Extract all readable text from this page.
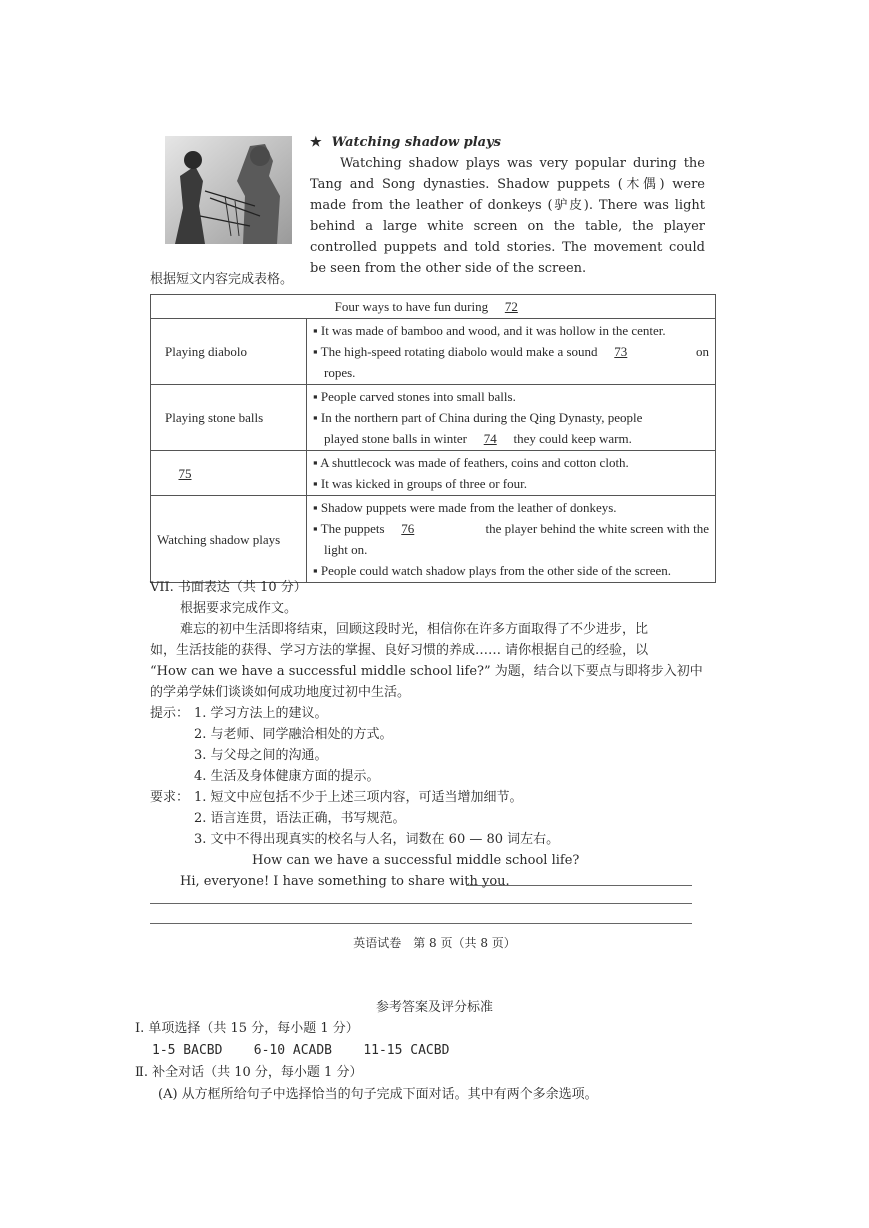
★ Watching shadow plays

Watching shadow plays was very popular during the Tang and Song dynasties. Shadow puppets (木偶) were made from the leather of donkeys (驴皮). There was light behind a large white screen on the table, the player controlled puppets and told stories. The movement could be seen from the other side of the screen.

根据短文内容完成表格。
Four ways to have fun during 72	
Playing diabolo	▪ It was made of bamboo and wood, and it was hollow in the center.
▪ The high-speed rotating diabolo would make a sound 73 on
ropes.

Playing stone balls	▪ People carved stones into small balls.
▪ In the northern part of China during the Qing Dynasty, people
played stone balls in winter 74 they could keep warm.

75	▪ A shuttlecock was made of feathers, coins and cotton cloth.
▪ It was kicked in groups of three or four.

Watching shadow plays	▪ Shadow puppets were made from the leather of donkeys.
▪ The puppets 76 the player behind the white screen with the
light on.
▪ People could watch shadow plays from the other side of the screen.
VII. 书面表达（共 10 分）
根据要求完成作文。
难忘的初中生活即将结束，回顾这段时光，相信你在许多方面取得了不少进步，比
如，生活技能的获得、学习方法的掌握、良好习惯的养成…… 请你根据自己的经验，以
“How can we have a successful middle school life?” 为题，结合以下要点与即将步入初中
的学弟学妹们谈谈如何成功地度过初中生活。
提示： 1. 学习方法上的建议。
2. 与老师、同学融洽相处的方式。
3. 与父母之间的沟通。
4. 生活及身体健康方面的提示。
要求： 1. 短文中应包括不少于上述三项内容，可适当增加细节。
2. 语言连贯，语法正确，书写规范。
3. 文中不得出现真实的校名与人名，词数在 60 — 80 词左右。
How can we have a successful middle school life?
Hi, everyone! I have something to share with you.
英语试卷　第 8 页（共 8 页）
参考答案及评分标准
Ⅰ. 单项选择（共 15 分，每小题 1 分）
1-5 BACBD    6-10 ACADB    11-15 CACBD
Ⅱ. 补全对话（共 10 分，每小题 1 分）
(A) 从方框所给句子中选择恰当的句子完成下面对话。其中有两个多余选项。
